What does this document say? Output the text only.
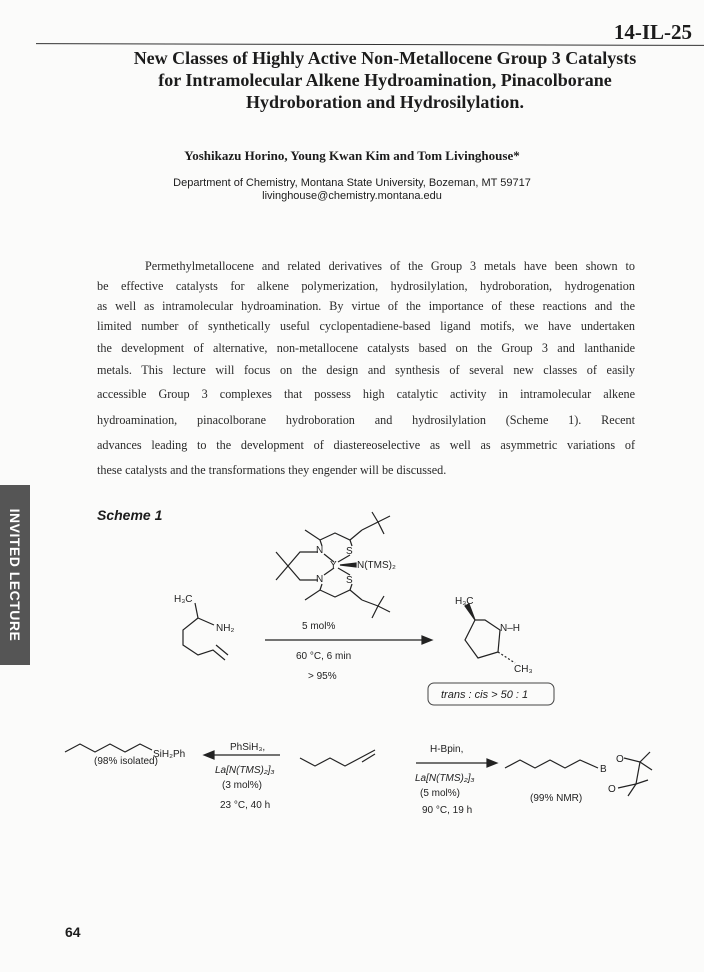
14-IL-25
New Classes of Highly Active Non-Metallocene Group 3 Catalysts
for Intramolecular Alkene Hydroamination, Pinacolborane
Hydroboration and Hydrosilylation.
Yoshikazu Horino, Young Kwan Kim and Tom Livinghouse*
Department of Chemistry, Montana State University, Bozeman, MT 59717
livinghouse@chemistry.montana.edu
Permethylmetallocene and related derivatives of the Group 3 metals have been shown to
be effective catalysts for alkene polymerization, hydrosilylation, hydroboration, hydrogenation
as well as intramolecular hydroamination. By virtue of the importance of these reactions and the
limited number of synthetically useful cyclopentadiene-based ligand motifs, we have undertaken
the development of alternative, non-metallocene catalysts based on the Group 3 and lanthanide
metals. This lecture will focus on the design and synthesis of several new classes of easily
accessible Group 3 complexes that possess high catalytic activity in intramolecular alkene
hydroamination, pinacolborane hydroboration and hydrosilylation (Scheme 1). Recent
advances leading to the development of diastereoselective as well as asymmetric variations of
these catalysts and the transformations they engender will be discussed.
INVITED LECTURE	Scheme 1
N S
Y N(TMS)₂
N S
H₃C
NH₂	5 mol%
60 °C, 6 min
> 95%
H₃C
N–H
CH₃
trans : cis > 50 : 1
SiH₂Ph
(98% isolated)
PhSiH₃,
La[N(TMS)₂]₃
(3 mol%)
23 °C, 40 h
H-Bpin,
La[N(TMS)₂]₃
(5 mol%)
90 °C, 19 h
B
O
O
(99% NMR)
64
